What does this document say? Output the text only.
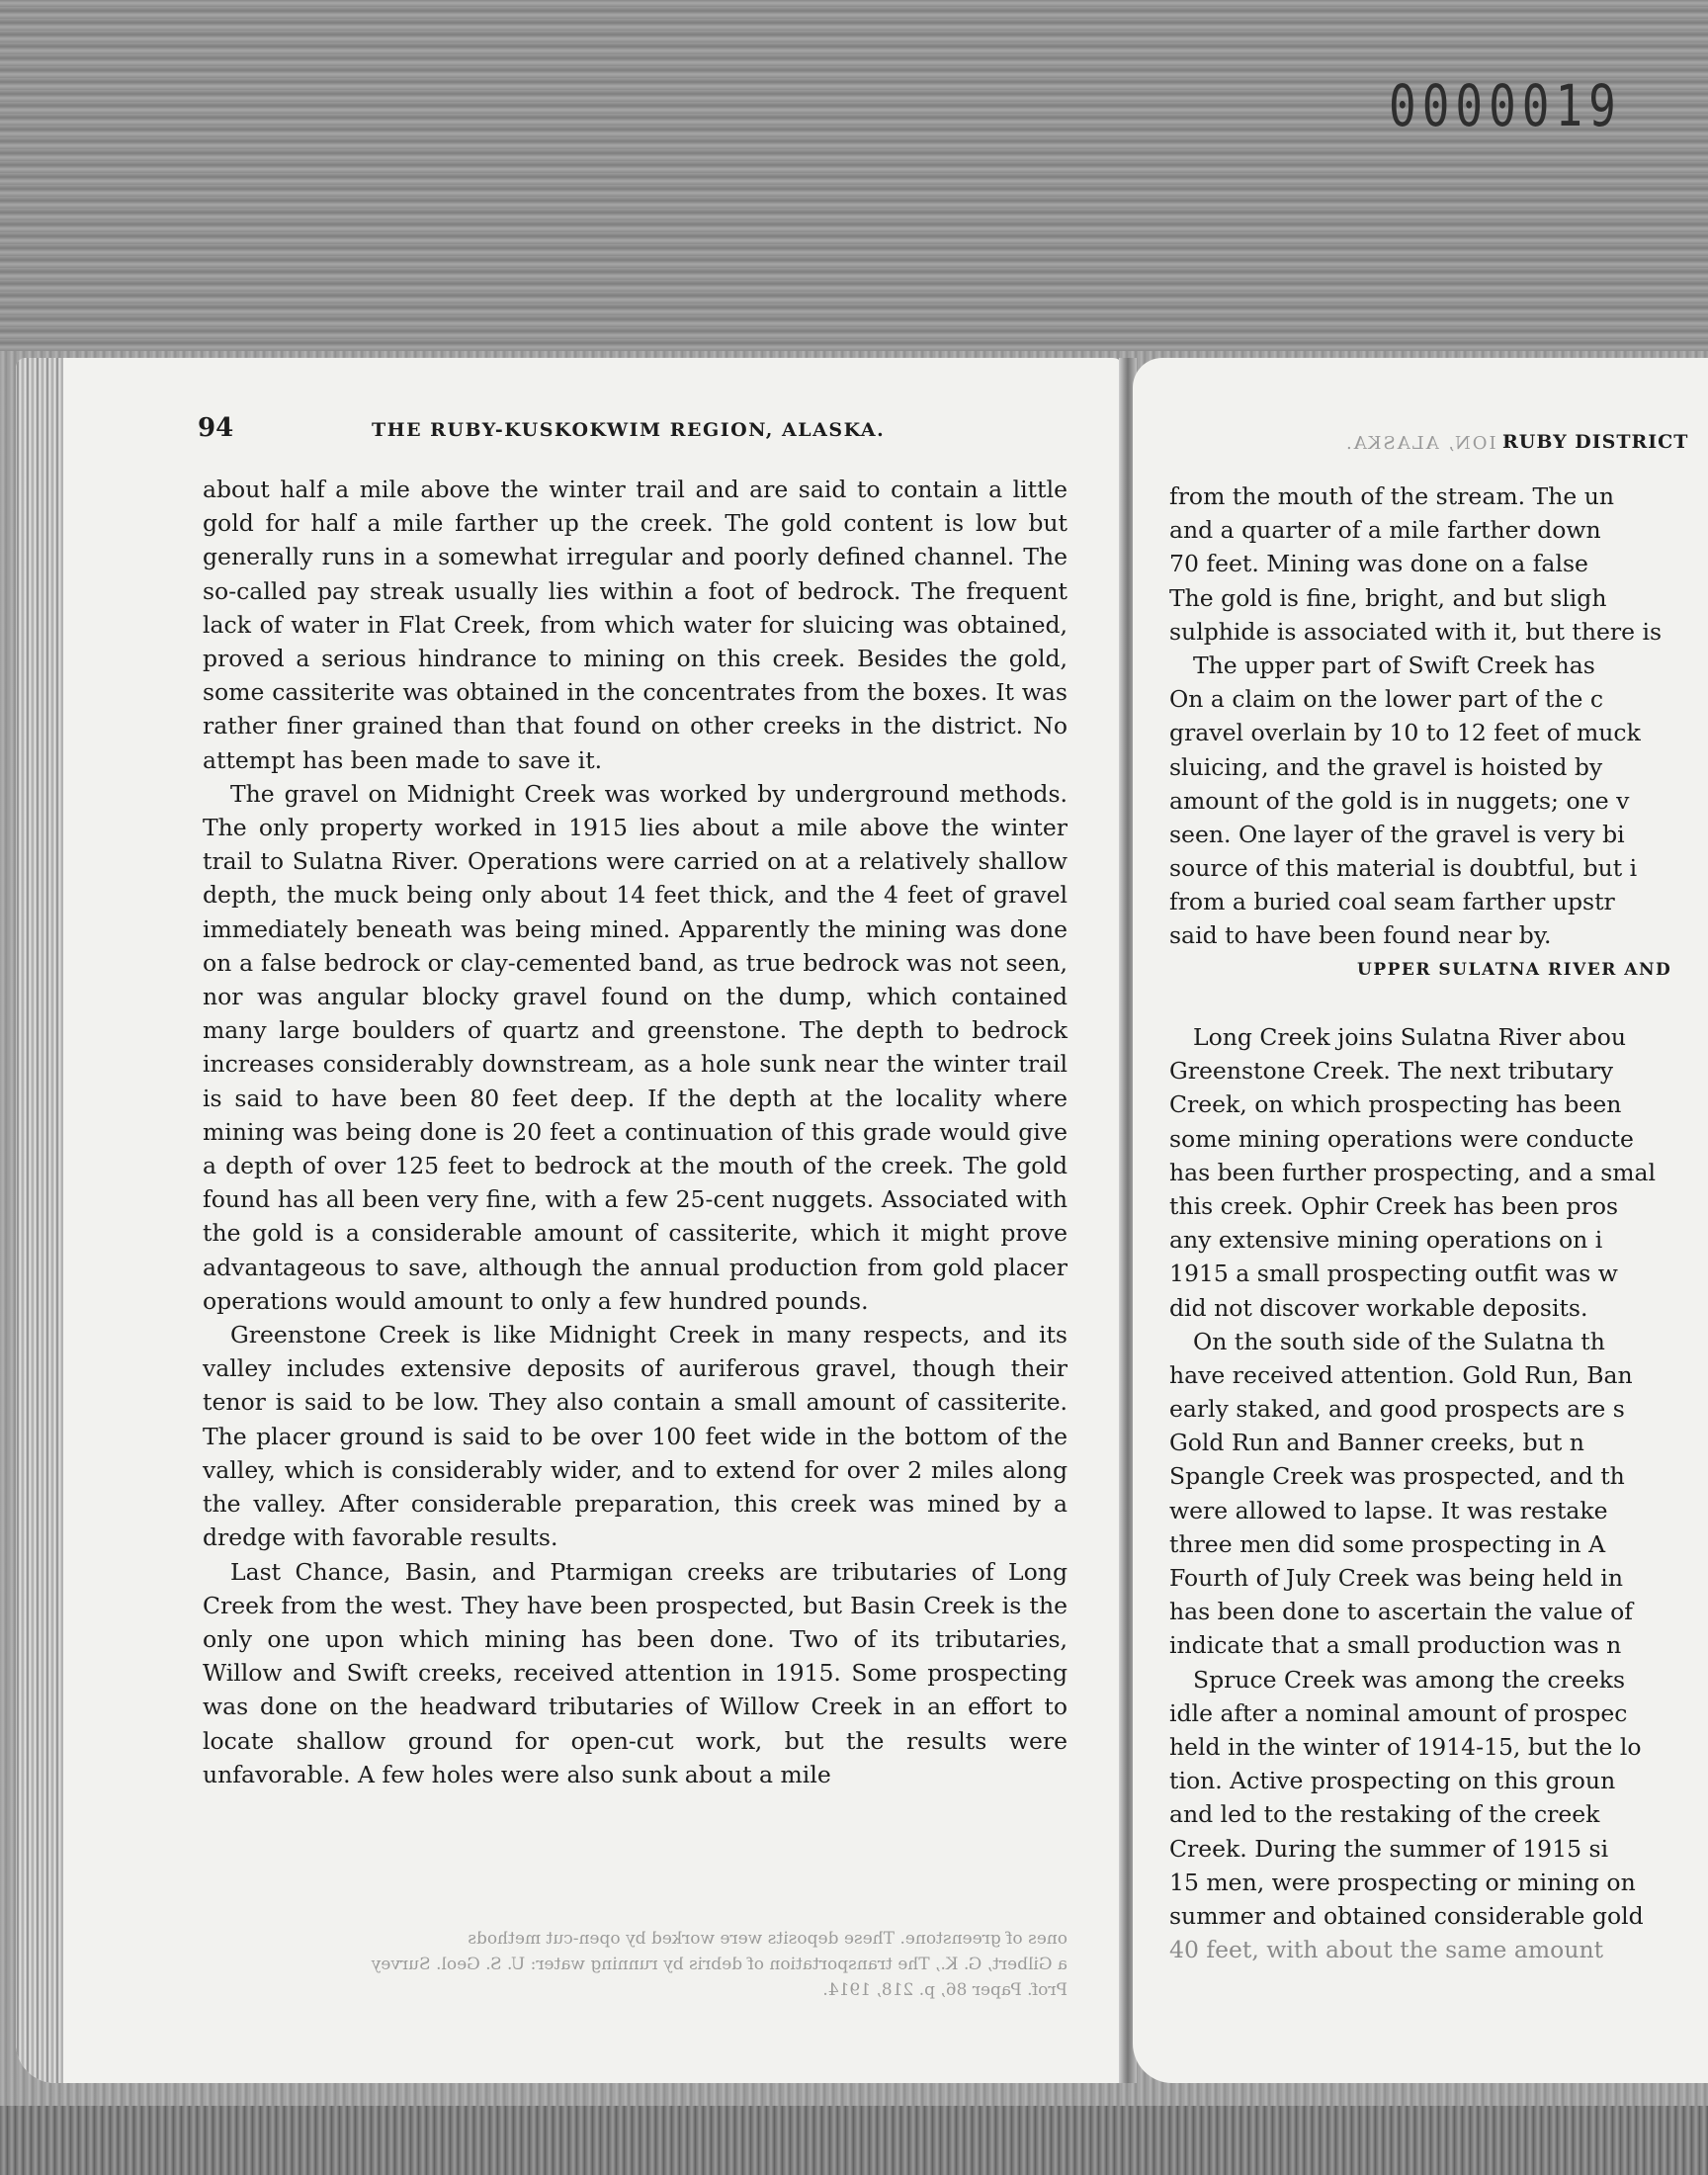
0000019
94	THE RUBY-KUSKOKWIM REGION, ALASKA.

about half a mile above the winter trail and are said to contain a little gold for half a mile farther up the creek. The gold content is low but generally runs in a somewhat irregular and poorly defined channel. The so-called pay streak usually lies within a foot of bedrock. The frequent lack of water in Flat Creek, from which water for sluicing was obtained, proved a serious hindrance to mining on this creek. Besides the gold, some cassiterite was obtained in the concentrates from the boxes. It was rather finer grained than that found on other creeks in the district. No attempt has been made to save it.

The gravel on Midnight Creek was worked by underground methods. The only property worked in 1915 lies about a mile above the winter trail to Sulatna River. Operations were carried on at a relatively shallow depth, the muck being only about 14 feet thick, and the 4 feet of gravel immediately beneath was being mined. Apparently the mining was done on a false bedrock or clay-cemented band, as true bedrock was not seen, nor was angular blocky gravel found on the dump, which contained many large boulders of quartz and greenstone. The depth to bedrock increases considerably downstream, as a hole sunk near the winter trail is said to have been 80 feet deep. If the depth at the locality where mining was being done is 20 feet a continuation of this grade would give a depth of over 125 feet to bedrock at the mouth of the creek. The gold found has all been very fine, with a few 25-cent nuggets. Associated with the gold is a considerable amount of cassiterite, which it might prove advantageous to save, although the annual production from gold placer operations would amount to only a few hundred pounds.

Greenstone Creek is like Midnight Creek in many respects, and its valley includes extensive deposits of auriferous gravel, though their tenor is said to be low. They also contain a small amount of cassiterite. The placer ground is said to be over 100 feet wide in the bottom of the valley, which is considerably wider, and to extend for over 2 miles along the valley. After considerable preparation, this creek was mined by a dredge with favorable results.

Last Chance, Basin, and Ptarmigan creeks are tributaries of Long Creek from the west. They have been prospected, but Basin Creek is the only one upon which mining has been done. Two of its tributaries, Willow and Swift creeks, received attention in 1915. Some prospecting was done on the headward tributaries of Willow Creek in an effort to locate shallow ground for open-cut work, but the results were unfavorable. A few holes were also sunk about a mile

ones of greenstone. These deposits were worked by open-cut methods
a Gilbert, G. K., The transportation of debris by running water: U. S. Geol. Survey
Prof. Paper 86, p. 218, 1914.
ION, ALASKA. RUBY DISTRICT
from the mouth of the stream. The un
and a quarter of a mile farther down
70 feet. Mining was done on a false
The gold is fine, bright, and but sligh
sulphide is associated with it, but there is
The upper part of Swift Creek has
On a claim on the lower part of the c
gravel overlain by 10 to 12 feet of muck
sluicing, and the gravel is hoisted by
amount of the gold is in nuggets; one v
seen. One layer of the gravel is very bi
source of this material is doubtful, but i
from a buried coal seam farther upstr
said to have been found near by.
UPPER SULATNA RIVER AND
Long Creek joins Sulatna River abou
Greenstone Creek. The next tributary
Creek, on which prospecting has been
some mining operations were conducte
has been further prospecting, and a smal
this creek. Ophir Creek has been pros
any extensive mining operations on i
1915 a small prospecting outfit was w
did not discover workable deposits.
On the south side of the Sulatna th
have received attention. Gold Run, Ban
early staked, and good prospects are s
Gold Run and Banner creeks, but n
Spangle Creek was prospected, and th
were allowed to lapse. It was restake
three men did some prospecting in A
Fourth of July Creek was being held in
has been done to ascertain the value of
indicate that a small production was n
Spruce Creek was among the creeks
idle after a nominal amount of prospec
held in the winter of 1914-15, but the lo
tion. Active prospecting on this groun
and led to the restaking of the creek
Creek. During the summer of 1915 si
15 men, were prospecting or mining on
summer and obtained considerable gold
40 feet, with about the same amount
